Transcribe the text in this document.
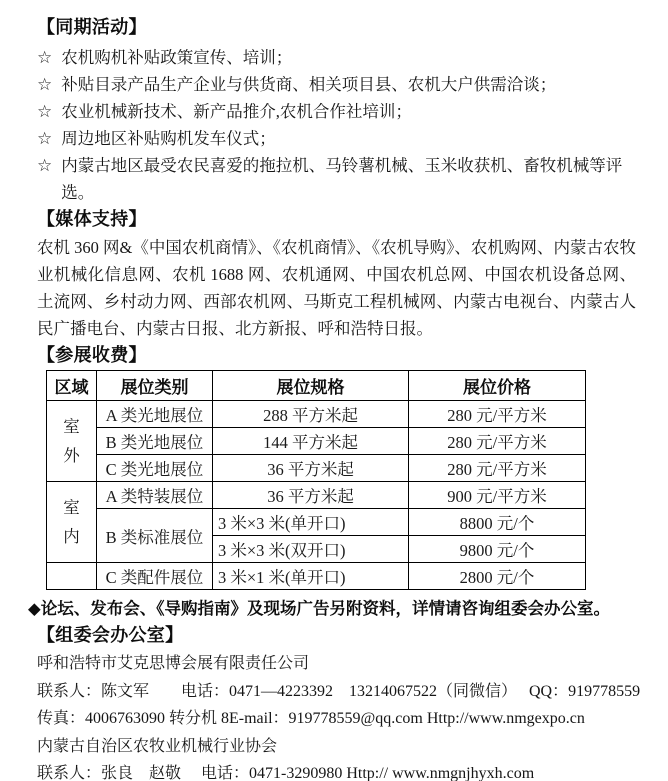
【同期活动】
☆ 农机购机补贴政策宣传、培训；
☆ 补贴目录产品生产企业与供货商、相关项目县、农机大户供需洽谈；
☆ 农业机械新技术、新产品推介,农机合作社培训；
☆ 周边地区补贴购机发车仪式；
☆ 内蒙古地区最受农民喜爱的拖拉机、马铃薯机械、玉米收获机、畜牧机械等评选。
【媒体支持】

农机 360 网&《中国农机商情》、《农机商情》、《农机导购》、农机购网、内蒙古农牧业机械化信息网、农机 1688 网、农机通网、中国农机总网、中国农机设备总网、土流网、乡村动力网、西部农机网、马斯克工程机械网、内蒙古电视台、内蒙古人民广播电台、内蒙古日报、北方新报、呼和浩特日报。

【参展收费】
区域	展位类别	展位规格	展位价格

室外	A 类光地展位	288 平方米起	280 元/平方米
	B 类光地展位	144 平方米起	280 元/平方米
	C 类光地展位	36 平方米起	280 元/平方米

室内	A 类特装展位	36 平方米起	900 元/平方米
	B 类标准展位	3 米×3 米(单开口)	8800 元/个
		3 米×3 米(双开口)	9800 元/个
	C 类配件展位	3 米×1 米(单开口)	2800 元/个

◆论坛、发布会、《导购指南》及现场广告另附资料，详情请咨询组委会办公室。

【组委会办公室】

呼和浩特市艾克思博会展有限责任公司

联系人：陈文军　　电话：0471—4223392　13214067522（同微信）　 QQ：919778559

传真：4006763090 转分机 8E-mail：919778559@qq.com Http://www.nmgexpo.cn

内蒙古自治区农牧业机械行业协会

联系人：张良　赵敬　 电话：0471-3290980 Http:// www.nmgnjhyxh.com
